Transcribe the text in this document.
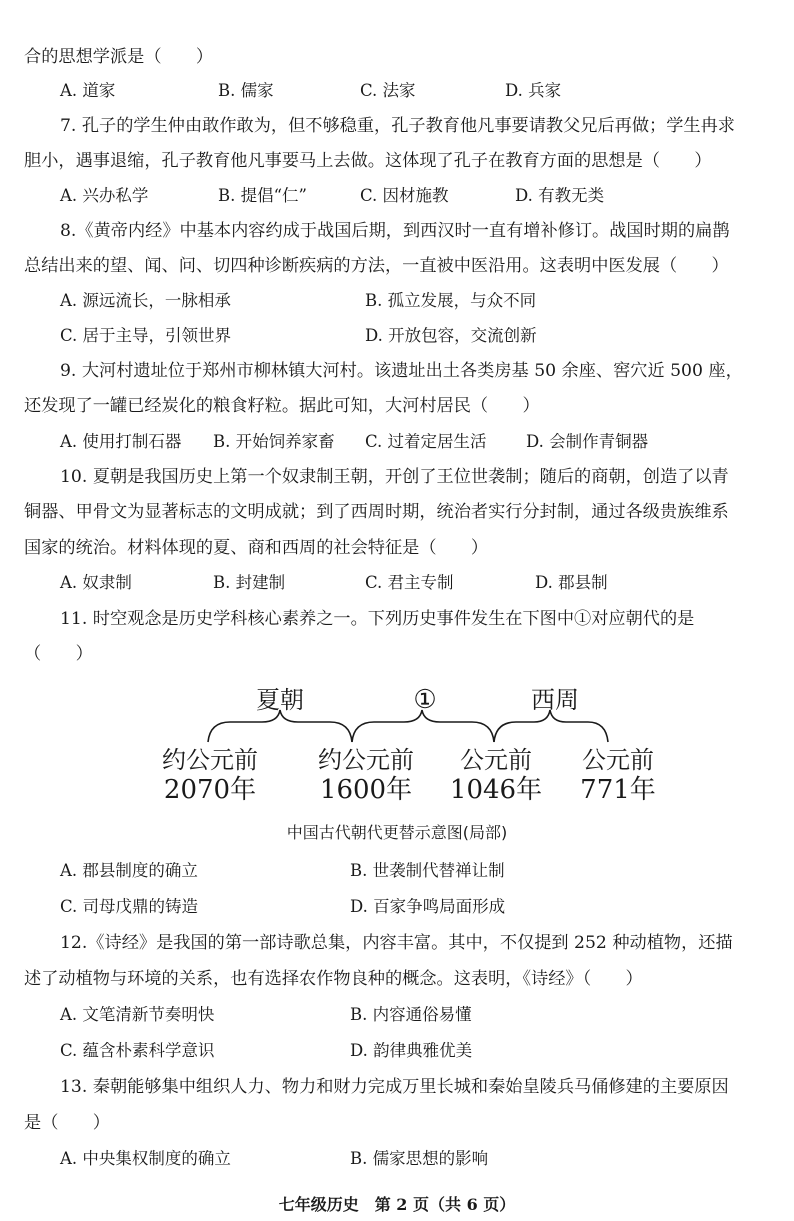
合的思想学派是（　　）
A. 道家	B. 儒家	C. 法家	D. 兵家
7. 孔子的学生仲由敢作敢为，但不够稳重，孔子教育他凡事要请教父兄后再做；学生冉求
胆小，遇事退缩，孔子教育他凡事要马上去做。这体现了孔子在教育方面的思想是（　　）
A. 兴办私学	B. 提倡“仁”	C. 因材施教	D. 有教无类
8.《黄帝内经》中基本内容约成于战国后期，到西汉时一直有增补修订。战国时期的扁鹊
总结出来的望、闻、问、切四种诊断疾病的方法，一直被中医沿用。这表明中医发展（　　）
A. 源远流长，一脉相承	B. 孤立发展，与众不同
C. 居于主导，引领世界	D. 开放包容，交流创新
9. 大河村遗址位于郑州市柳林镇大河村。该遗址出土各类房基 50 余座、窖穴近 500 座，
还发现了一罐已经炭化的粮食籽粒。据此可知，大河村居民（　　）
A. 使用打制石器 B. 开始饲养家畜 C. 过着定居生活 D. 会制作青铜器
10. 夏朝是我国历史上第一个奴隶制王朝，开创了王位世袭制；随后的商朝，创造了以青
铜器、甲骨文为显著标志的文明成就；到了西周时期，统治者实行分封制，通过各级贵族维系
国家的统治。材料体现的夏、商和西周的社会特征是（　　）
A. 奴隶制	B. 封建制	C. 君主专制	D. 郡县制
11. 时空观念是历史学科核心素养之一。下列历史事件发生在下图中①对应朝代的是
（　　）
夏朝	①	西周
约公元前
2070年
约公元前
1600年
公元前
1046年
公元前
771年
中国古代朝代更替示意图(局部)
A. 郡县制度的确立	B. 世袭制代替禅让制
C. 司母戊鼎的铸造	D. 百家争鸣局面形成
12.《诗经》是我国的第一部诗歌总集，内容丰富。其中，不仅提到 252 种动植物，还描
述了动植物与环境的关系，也有选择农作物良种的概念。这表明，《诗经》（　　）
A. 文笔清新节奏明快	B. 内容通俗易懂
C. 蕴含朴素科学意识	D. 韵律典雅优美
13. 秦朝能够集中组织人力、物力和财力完成万里长城和秦始皇陵兵马俑修建的主要原因
是（　　）
A. 中央集权制度的确立	B. 儒家思想的影响
七年级历史　第 2 页（共 6 页）
